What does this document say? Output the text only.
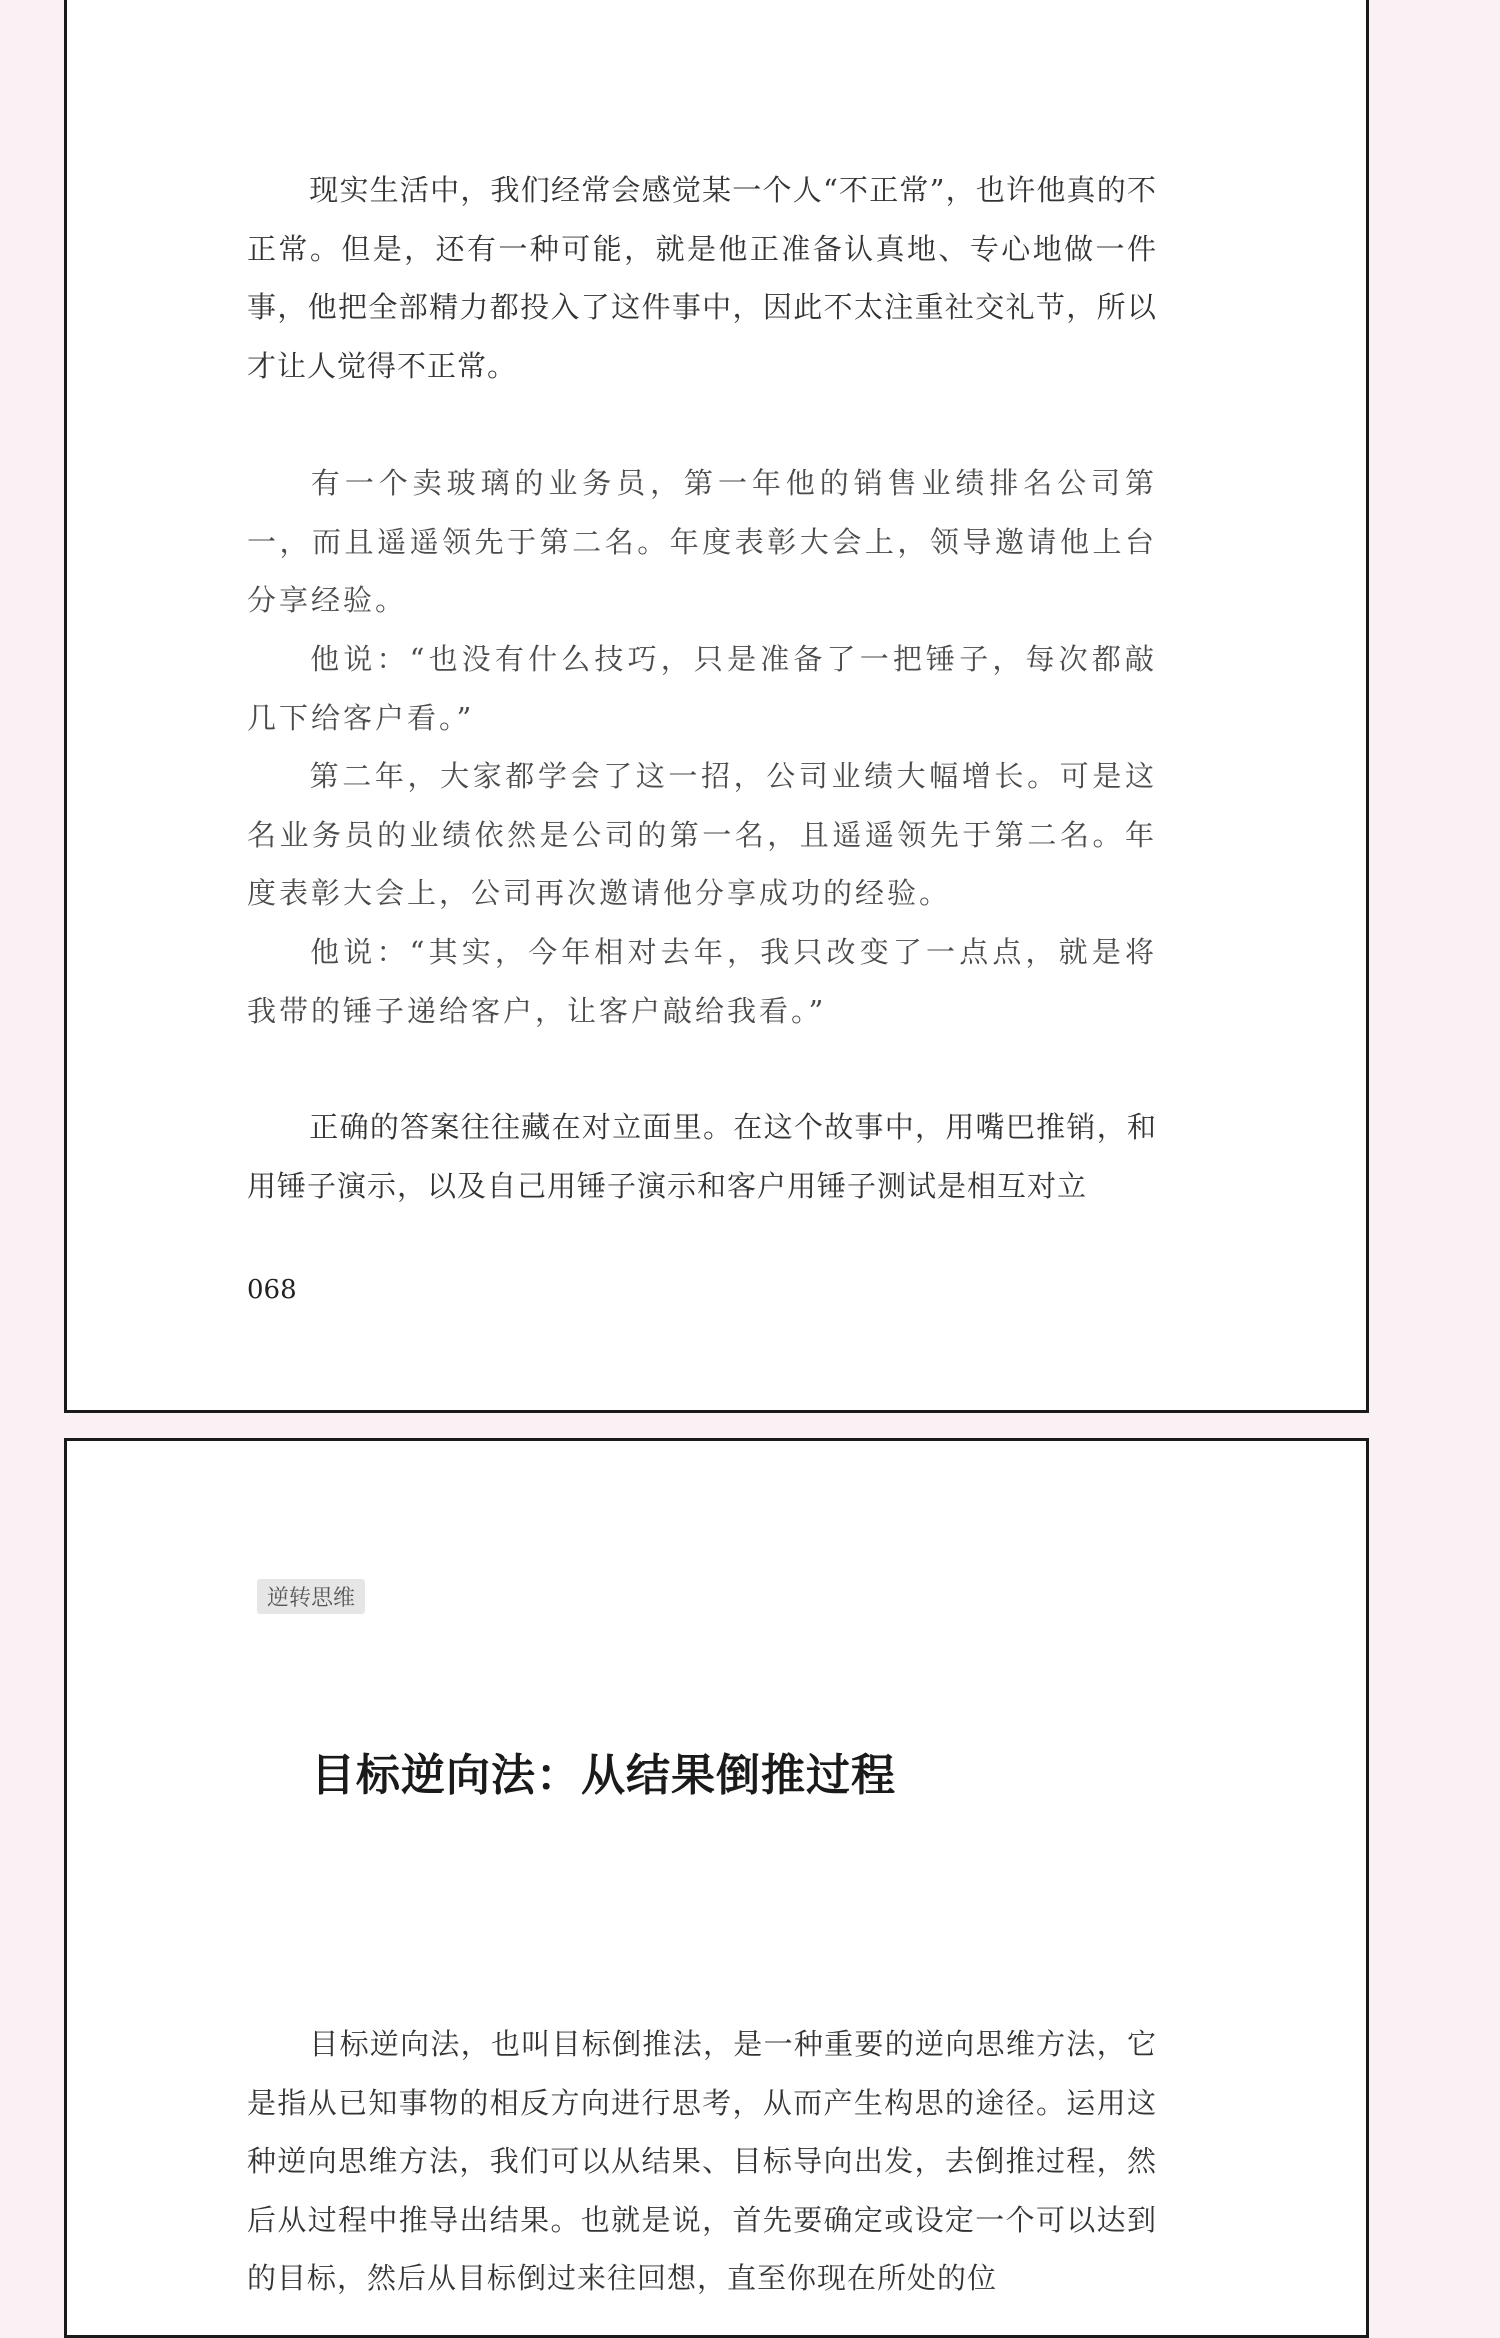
现实生活中，我们经常会感觉某一个人“不正常”，也许他真的不正常。但是，还有一种可能，就是他正准备认真地、专心地做一件事，他把全部精力都投入了这件事中，因此不太注重社交礼节，所以才让人觉得不正常。

有一个卖玻璃的业务员，第一年他的销售业绩排名公司第一，而且遥遥领先于第二名。年度表彰大会上，领导邀请他上台分享经验。

他说：“也没有什么技巧，只是准备了一把锤子，每次都敲几下给客户看。”

第二年，大家都学会了这一招，公司业绩大幅增长。可是这名业务员的业绩依然是公司的第一名，且遥遥领先于第二名。年度表彰大会上，公司再次邀请他分享成功的经验。

他说：“其实，今年相对去年，我只改变了一点点，就是将我带的锤子递给客户，让客户敲给我看。”

正确的答案往往藏在对立面里。在这个故事中，用嘴巴推销，和用锤子演示，以及自己用锤子演示和客户用锤子测试是相互对立

068
逆转思维
目标逆向法：从结果倒推过程

目标逆向法，也叫目标倒推法，是一种重要的逆向思维方法，它是指从已知事物的相反方向进行思考，从而产生构思的途径。运用这种逆向思维方法，我们可以从结果、目标导向出发，去倒推过程，然后从过程中推导出结果。也就是说，首先要确定或设定一个可以达到的目标，然后从目标倒过来往回想，直至你现在所处的位
